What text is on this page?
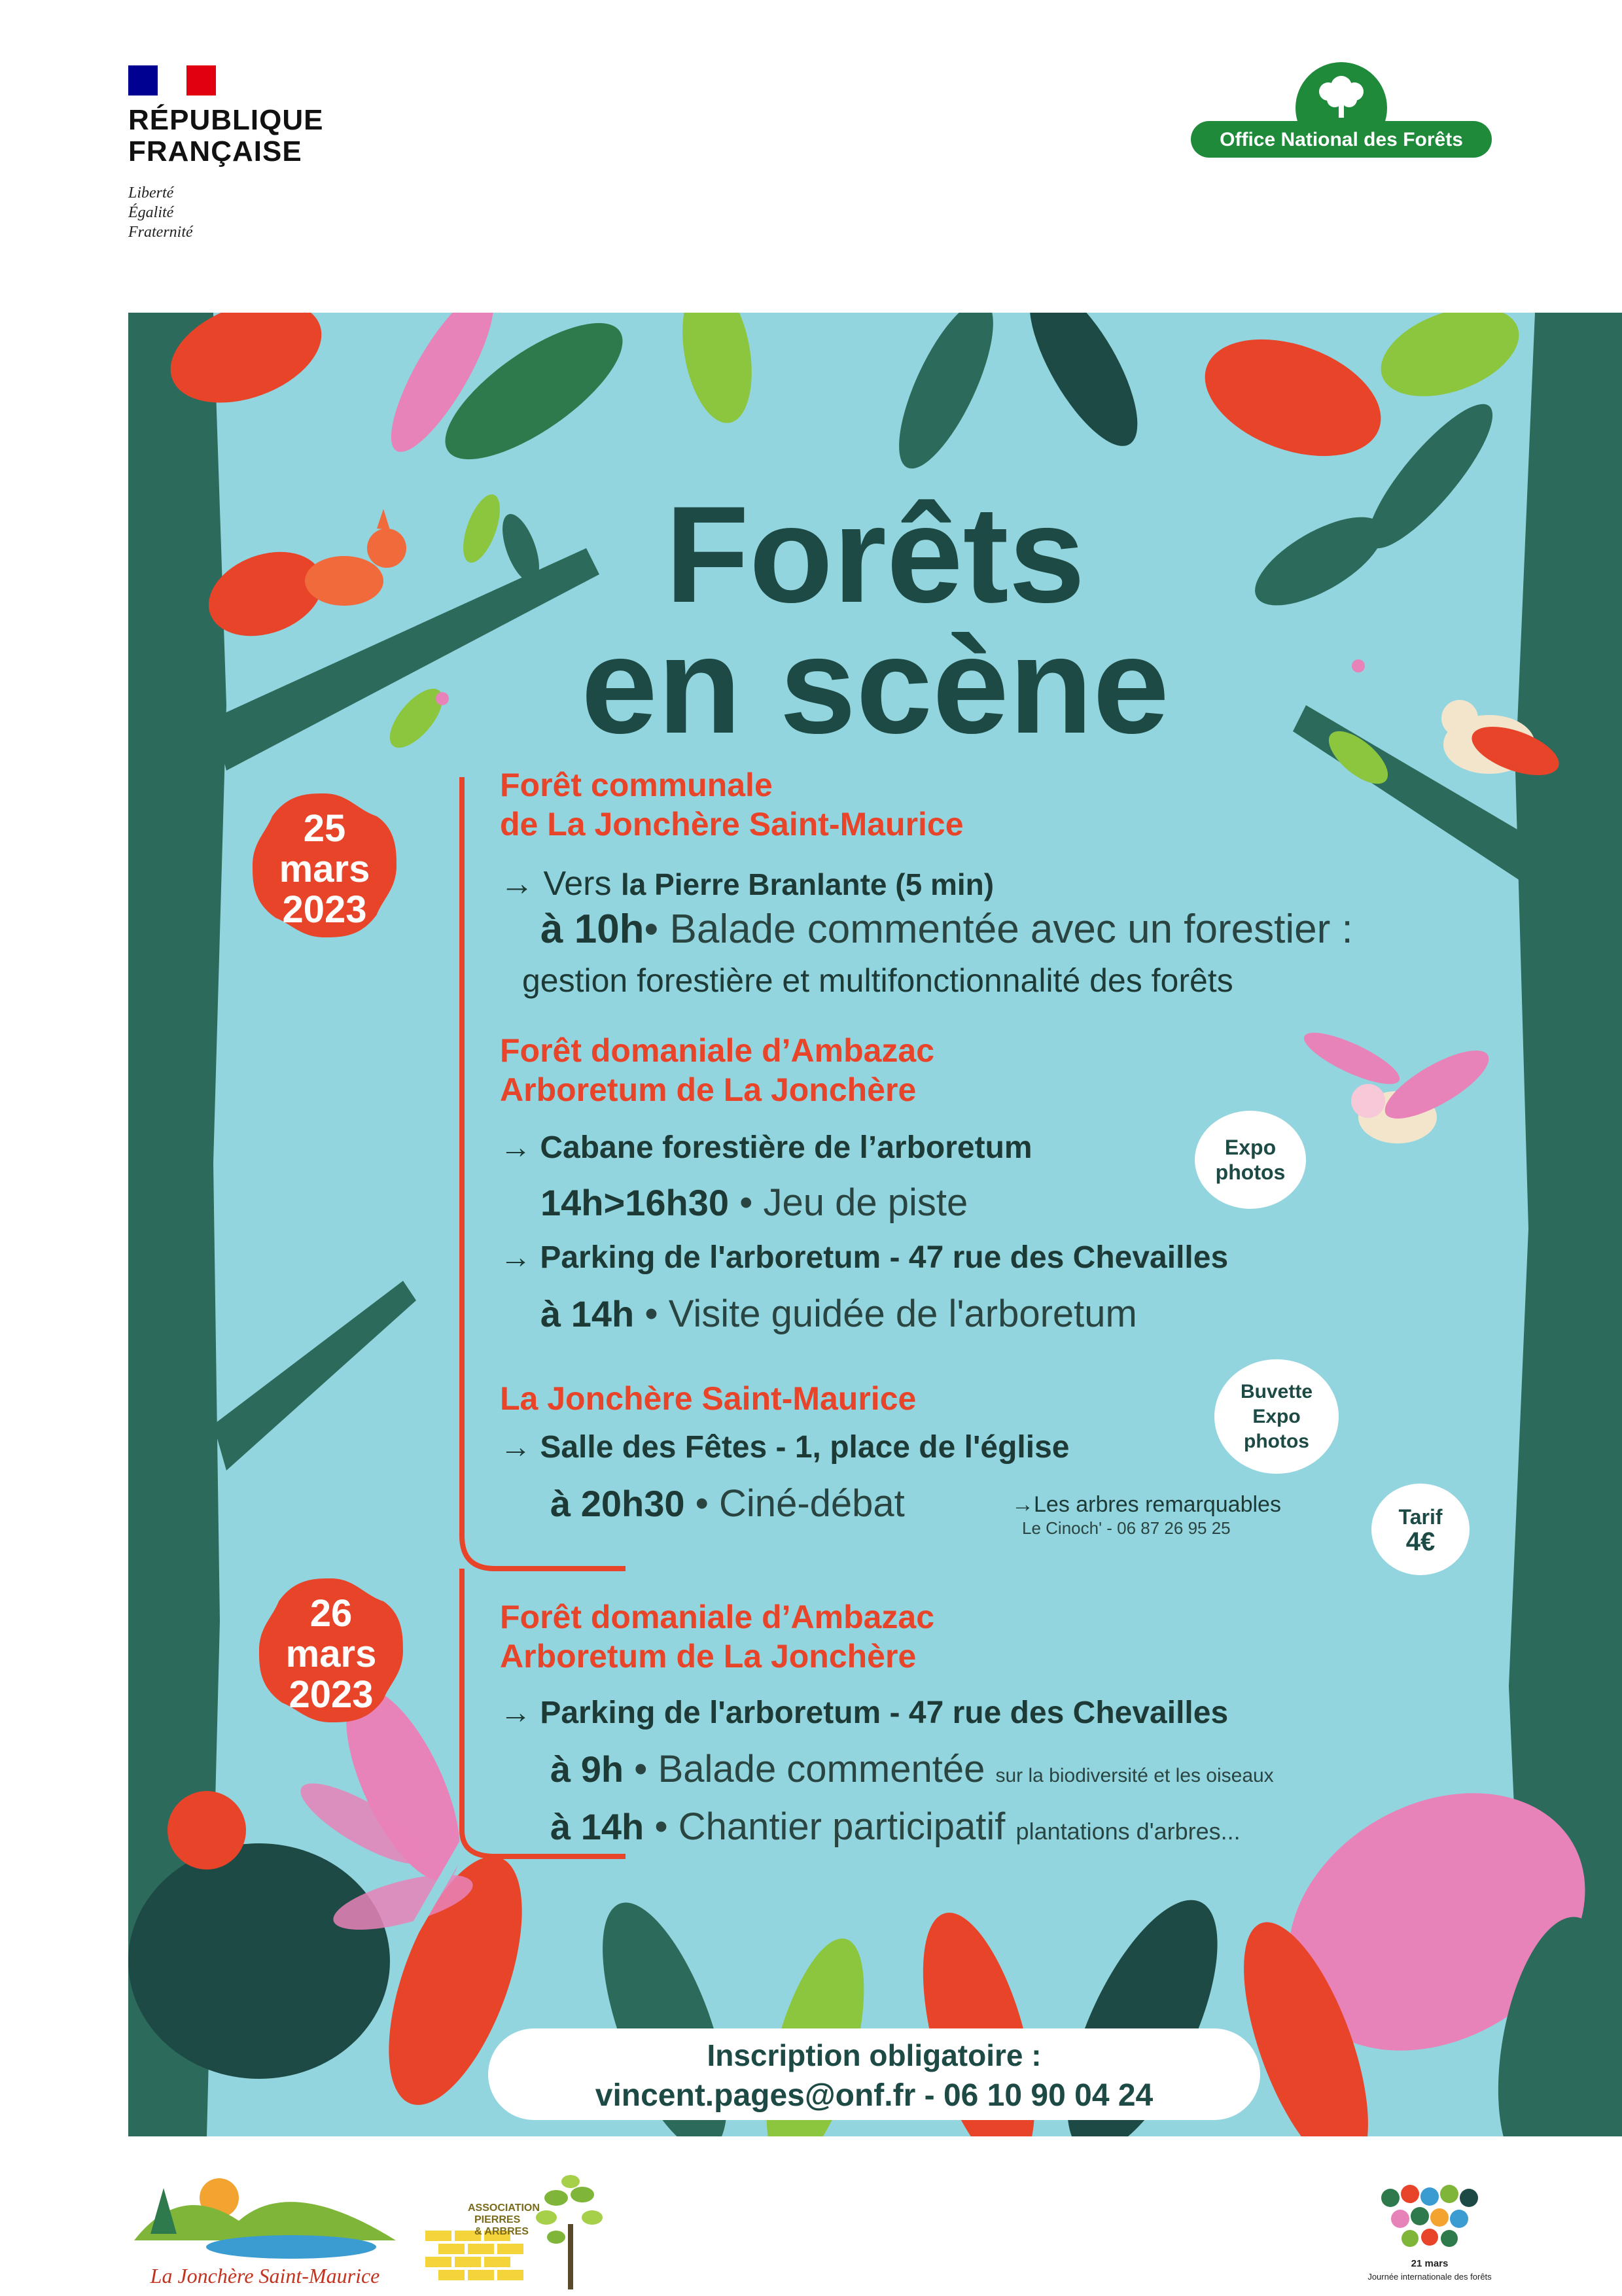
RÉPUBLIQUE
FRANÇAISE
Liberté
Égalité
Fraternité
Office National des Forêts
Forêts
en scène
25
mars
2023
Forêt communale
de La Jonchère Saint-Maurice
→ Vers la Pierre Branlante (5 min)
à 10h• Balade commentée avec un forestier :
gestion forestière et multifonctionnalité des forêts
Forêt domaniale d’Ambazac
Arboretum de La Jonchère
→ Cabane forestière de l’arboretum	Expo
photos
14h>16h30 • Jeu de piste
→ Parking de l'arboretum - 47 rue des Chevailles
à 14h • Visite guidée de l'arboretum
La Jonchère Saint-Maurice
→ Salle des Fêtes - 1, place de l'église
Buvette
Expo
photos
à 20h30 • Ciné-débat	→Les arbres remarquables
Le Cinoch' - 06 87 26 95 25	Tarif
4€
26
mars
2023
Forêt domaniale d’Ambazac
Arboretum de La Jonchère
→ Parking de l'arboretum - 47 rue des Chevailles
à 9h • Balade commentée sur la biodiversité et les oiseaux
à 14h • Chantier participatif plantations d'arbres...
Inscription obligatoire :
vincent.pages@onf.fr - 06 10 90 04 24
La Jonchère Saint-Maurice
ASSOCIATION
PIERRES
& ARBRES
21 mars
Journée internationale des forêts
